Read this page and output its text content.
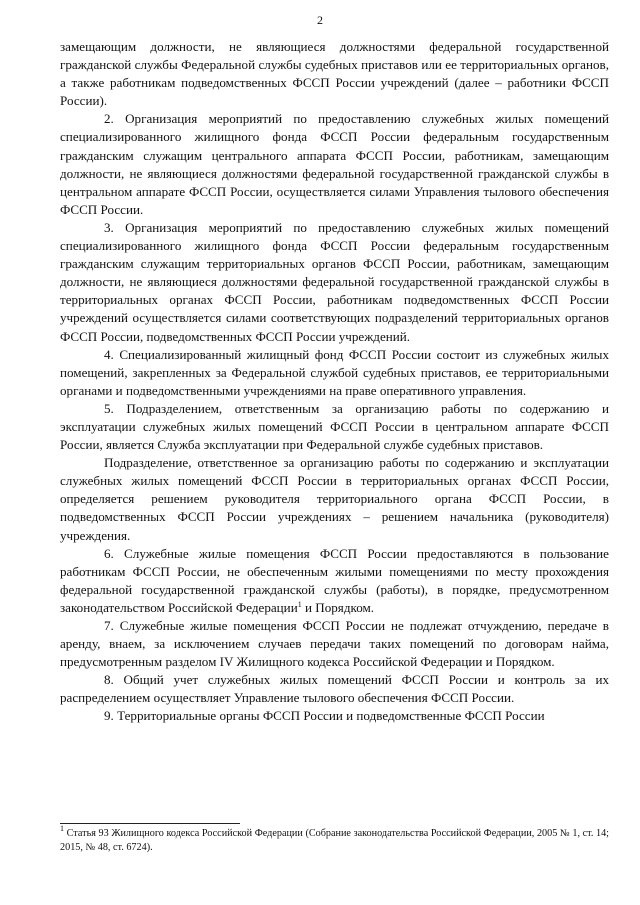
2

замещающим должности, не являющиеся должностями федеральной государственной гражданской службы Федеральной службы судебных приставов или ее территориальных органов, а также работникам подведомственных ФССП России учреждений (далее – работники ФССП России).

2. Организация мероприятий по предоставлению служебных жилых помещений специализированного жилищного фонда ФССП России федеральным государственным гражданским служащим центрального аппарата ФССП России, работникам, замещающим должности, не являющиеся должностями федеральной государственной гражданской службы в центральном аппарате ФССП России, осуществляется силами Управления тылового обеспечения ФССП России.

3. Организация мероприятий по предоставлению служебных жилых помещений специализированного жилищного фонда ФССП России федеральным государственным гражданским служащим территориальных органов ФССП России, работникам, замещающим должности, не являющиеся должностями федеральной государственной гражданской службы в территориальных органах ФССП России, работникам подведомственных ФССП России учреждений осуществляется силами соответствующих подразделений территориальных органов ФССП России, подведомственных ФССП России учреждений.

4. Специализированный жилищный фонд ФССП России состоит из служебных жилых помещений, закрепленных за Федеральной службой судебных приставов, ее территориальными органами и подведомственными учреждениями на праве оперативного управления.

5. Подразделением, ответственным за организацию работы по содержанию и эксплуатации служебных жилых помещений ФССП России в центральном аппарате ФССП России, является Служба эксплуатации при Федеральной службе судебных приставов.

Подразделение, ответственное за организацию работы по содержанию и эксплуатации служебных жилых помещений ФССП России в территориальных органах ФССП России, определяется решением руководителя территориального органа ФССП России, в подведомственных ФССП России учреждениях – решением начальника (руководителя) учреждения.

6. Служебные жилые помещения ФССП России предоставляются в пользование работникам ФССП России, не обеспеченным жилыми помещениями по месту прохождения федеральной государственной гражданской службы (работы), в порядке, предусмотренном законодательством Российской Федерации$^1$ и Порядком.

7. Служебные жилые помещения ФССП России не подлежат отчуждению, передаче в аренду, внаем, за исключением случаев передачи таких помещений по договорам найма, предусмотренным разделом IV Жилищного кодекса Российской Федерации и Порядком.

8. Общий учет служебных жилых помещений ФССП России и контроль за их распределением осуществляет Управление тылового обеспечения ФССП России.

9. Территориальные органы ФССП России и подведомственные ФССП России

$^1$ Статья 93 Жилищного кодекса Российской Федерации (Собрание законодательства Российской Федерации, 2005 № 1, ст. 14; 2015, № 48, ст. 6724).
